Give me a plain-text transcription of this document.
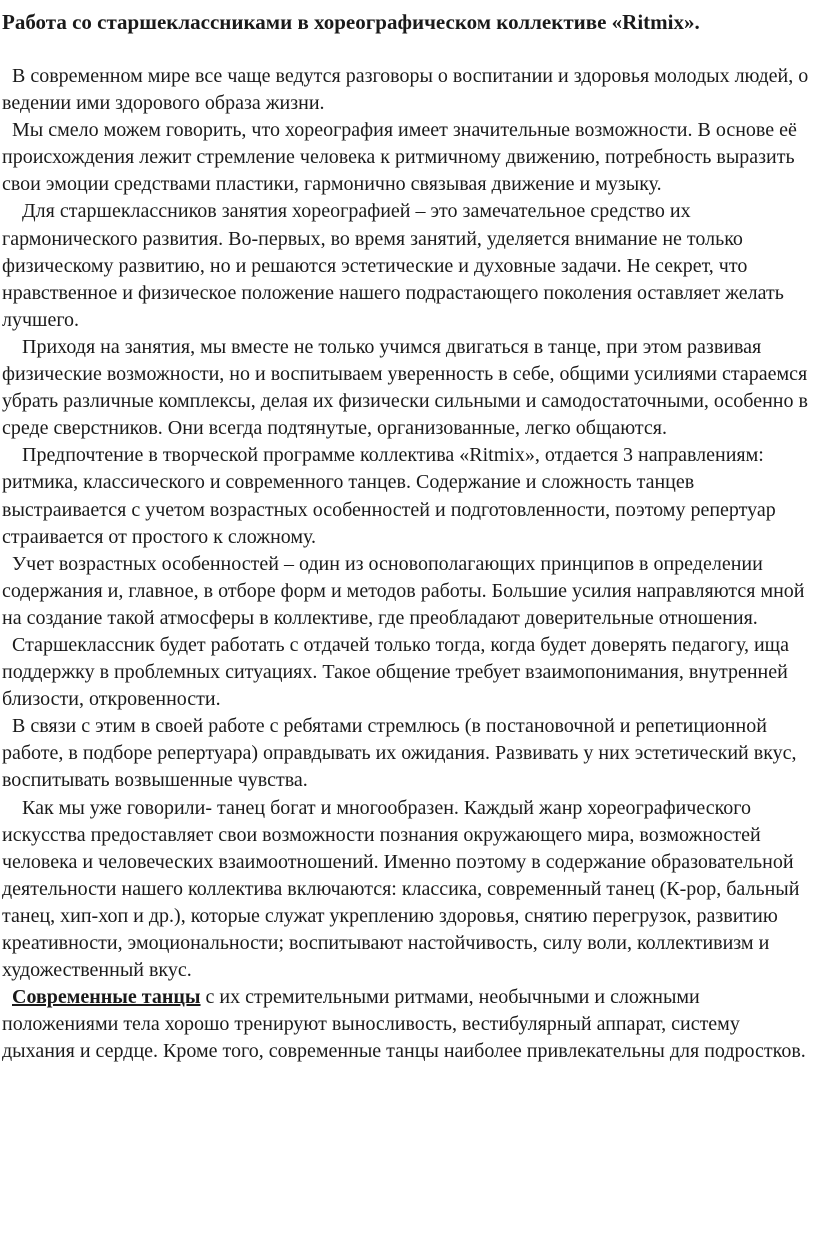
Работа со старшеклассниками в хореографическом коллективе «Ritmix».

В современном мире все чаще ведутся разговоры о воспитании и здоровья молодых людей, о ведении ими здорового образа жизни.

Мы смело можем говорить, что хореография имеет значительные возможности. В основе её происхождения лежит стремление человека к ритмичному движению, потребность выразить свои эмоции средствами пластики, гармонично связывая движение и музыку.

Для старшеклассников занятия хореографией – это замечательное средство их гармонического развития. Во-первых, во время занятий, уделяется внимание не только физическому развитию, но и решаются эстетические и духовные задачи. Не секрет, что нравственное и физическое положение нашего подрастающего поколения оставляет желать лучшего.

Приходя на занятия, мы вместе не только учимся двигаться в танце, при этом развивая физические возможности, но и воспитываем уверенность в себе, общими усилиями стараемся убрать различные комплексы, делая их физически сильными и самодостаточными, особенно в среде сверстников. Они всегда подтянутые, организованные, легко общаются.

Предпочтение в творческой программе коллектива «Ritmix», отдается 3 направлениям: ритмика, классического и современного танцев. Содержание и сложность танцев выстраивается с учетом возрастных особенностей и подготовленности, поэтому репертуар страивается от простого к сложному.

Учет возрастных особенностей – один из основополагающих принципов в определении содержания и, главное, в отборе форм и методов работы. Большие усилия направляются мной на создание такой атмосферы в коллективе, где преобладают доверительные отношения.

Старшеклассник будет работать с отдачей только тогда, когда будет доверять педагогу, ища поддержку в проблемных ситуациях. Такое общение требует взаимопонимания, внутренней близости, откровенности.

В связи с этим в своей работе с ребятами стремлюсь (в постановочной и репетиционной работе, в подборе репертуара) оправдывать их ожидания. Развивать у них эстетический вкус, воспитывать возвышенные чувства.

Как мы уже говорили- танец богат и многообразен. Каждый жанр хореографического искусства предоставляет свои возможности познания окружающего мира, возможностей человека и человеческих взаимоотношений. Именно поэтому в содержание образовательной деятельности нашего коллектива включаются: классика, современный танец (К-рор, бальный танец, хип-хоп и др.), которые служат укреплению здоровья, снятию перегрузок, развитию креативности, эмоциональности; воспитывают настойчивость, силу воли, коллективизм и художественный вкус.

Современные танцы с их стремительными ритмами, необычными и сложными положениями тела хорошо тренируют выносливость, вестибулярный аппарат, систему дыхания и сердце. Кроме того, современные танцы наиболее привлекательны для подростков.
